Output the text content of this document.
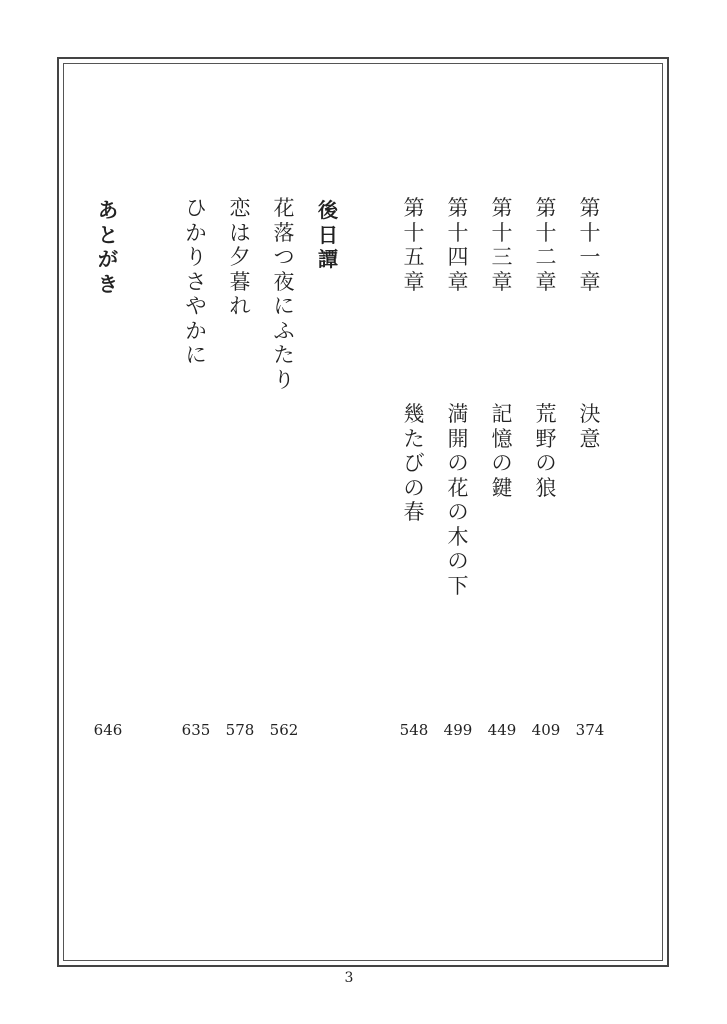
第
十
一
章
決
意
374
第
十
二
章
荒
野
の
狼
409
第
十
三
章
記
憶
の
鍵
449
第
十
四
章
満
開
の
花
の
木
の
下
499
第
十
五
章
幾
た
び
の
春
548
後
日
譚
花
落
つ
夜
に
ふ
た
り
562
恋
は
夕
暮
れ
578
ひ
か
り
さ
や
か
に
635
あ
と
が
き
646
3
